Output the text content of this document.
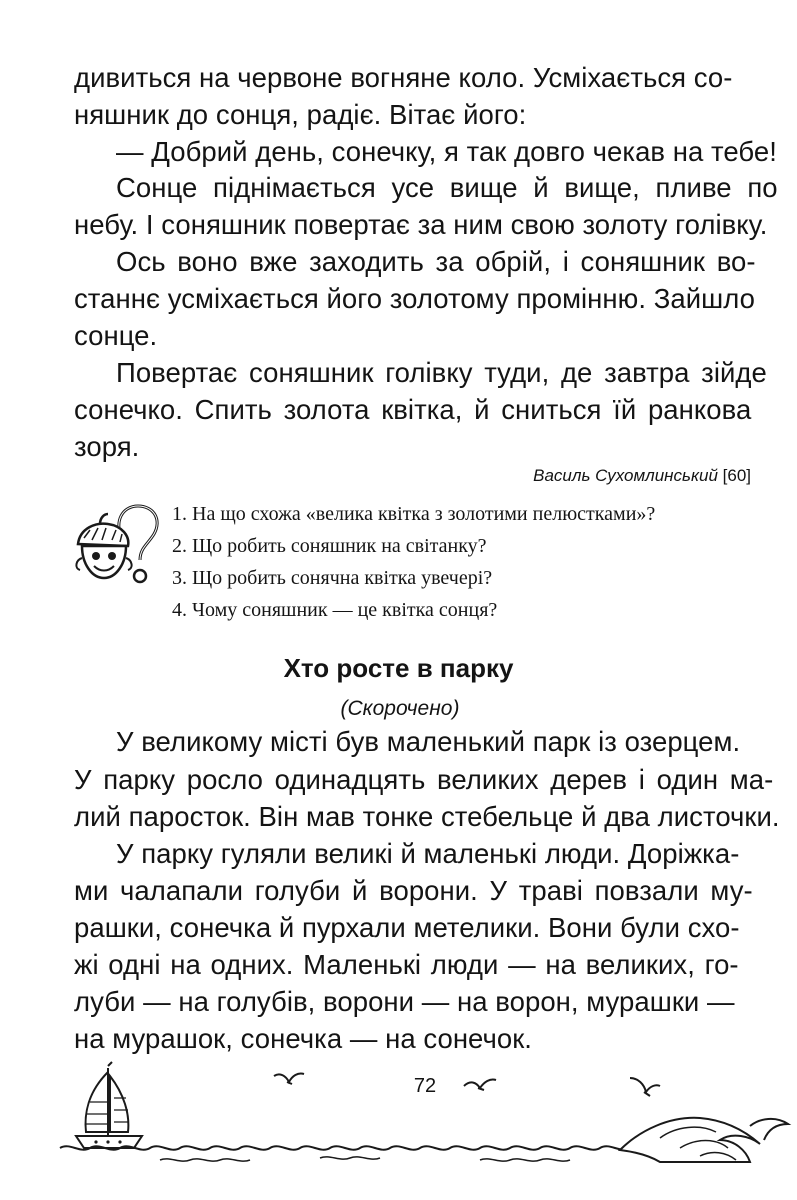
дивиться на червоне вогняне коло. Усміхається со-
няшник до сонця, радіє. Вітає його:
— Добрий день, сонечку, я так довго чекав на тебе!
Сонце піднімається усе вище й вище, пливе по
небу. І соняшник повертає за ним свою золоту голівку.
Ось воно вже заходить за обрій, і соняшник во-
станнє усміхається його золотому промінню. Зайшло
сонце.
Повертає соняшник голівку туди, де завтра зійде
сонечко. Спить золота квітка, й сниться їй ранкова
зоря.
Василь Сухомлинський [60]
1. На що схожа «велика квітка з золотими пелюстками»?
2. Що робить соняшник на світанку?
3. Що робить сонячна квітка увечері?
4. Чому соняшник — це квітка сонця?
Хто росте в парку
(Скорочено)
У великому місті був маленький парк із озерцем.
У парку росло одинадцять великих дерев і один ма-
лий паросток. Він мав тонке стебельце й два листочки.
У парку гуляли великі й маленькі люди. Доріжка-
ми чалапали голуби й ворони. У траві повзали му-
рашки, сонечка й пурхали метелики. Вони були схо-
жі одні на одних. Маленькі люди — на великих, го-
луби — на голубів, ворони — на ворон, мурашки —
на мурашок, сонечка — на сонечок.
72
